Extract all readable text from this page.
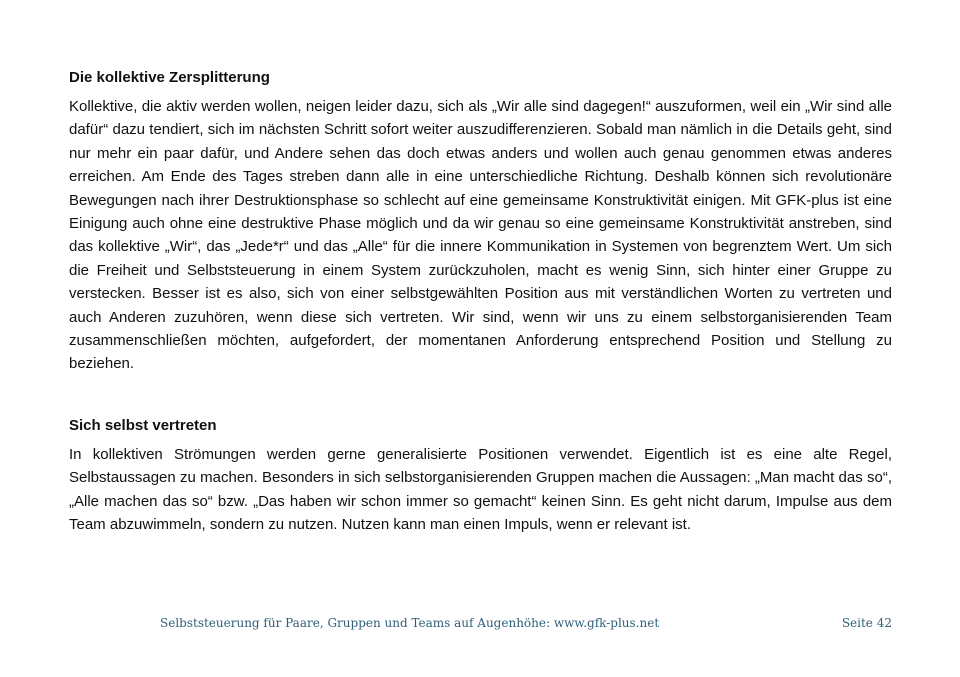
Die kollektive Zersplitterung

Kollektive, die aktiv werden wollen, neigen leider dazu, sich als „Wir alle sind dagegen!“ auszuformen, weil ein „Wir sind alle dafür“ dazu tendiert, sich im nächsten Schritt sofort weiter auszudifferenzieren. Sobald man nämlich in die Details geht, sind nur mehr ein paar dafür, und Andere sehen das doch etwas anders und wollen auch genau genommen etwas anderes erreichen. Am Ende des Tages streben dann alle in eine unterschiedliche Richtung. Deshalb können sich revolutionäre Bewegungen nach ihrer Destruktionsphase so schlecht auf eine gemeinsame Konstruktivität einigen. Mit GFK-plus ist eine Einigung auch ohne eine destruktive Phase möglich und da wir genau so eine gemeinsame Konstruktivität anstreben, sind das kollektive „Wir“, das „Jede*r“ und das „Alle“ für die innere Kommunikation in Systemen von begrenztem Wert. Um sich die Freiheit und Selbststeuerung in einem System zurückzuholen, macht es wenig Sinn, sich hinter einer Gruppe zu verstecken. Besser ist es also, sich von einer selbstgewählten Position aus mit verständlichen Worten zu vertreten und auch Anderen zuzuhören, wenn diese sich vertreten. Wir sind, wenn wir uns zu einem selbstorganisierenden Team zusammenschließen möchten, aufgefordert, der momentanen Anforderung entsprechend Position und Stellung zu beziehen.

Sich selbst vertreten

In kollektiven Strömungen werden gerne generalisierte Positionen verwendet. Eigentlich ist es eine alte Regel, Selbstaussagen zu machen. Besonders in sich selbstorganisierenden Gruppen machen die Aussagen: „Man macht das so“, „Alle machen das so“ bzw. „Das haben wir schon immer so gemacht“ keinen Sinn. Es geht nicht darum, Impulse aus dem Team abzuwimmeln, sondern zu nutzen. Nutzen kann man einen Impuls, wenn er relevant ist.

Selbststeuerung für Paare, Gruppen und Teams auf Augenhöhe: www.gfk-plus.net	Seite 42
